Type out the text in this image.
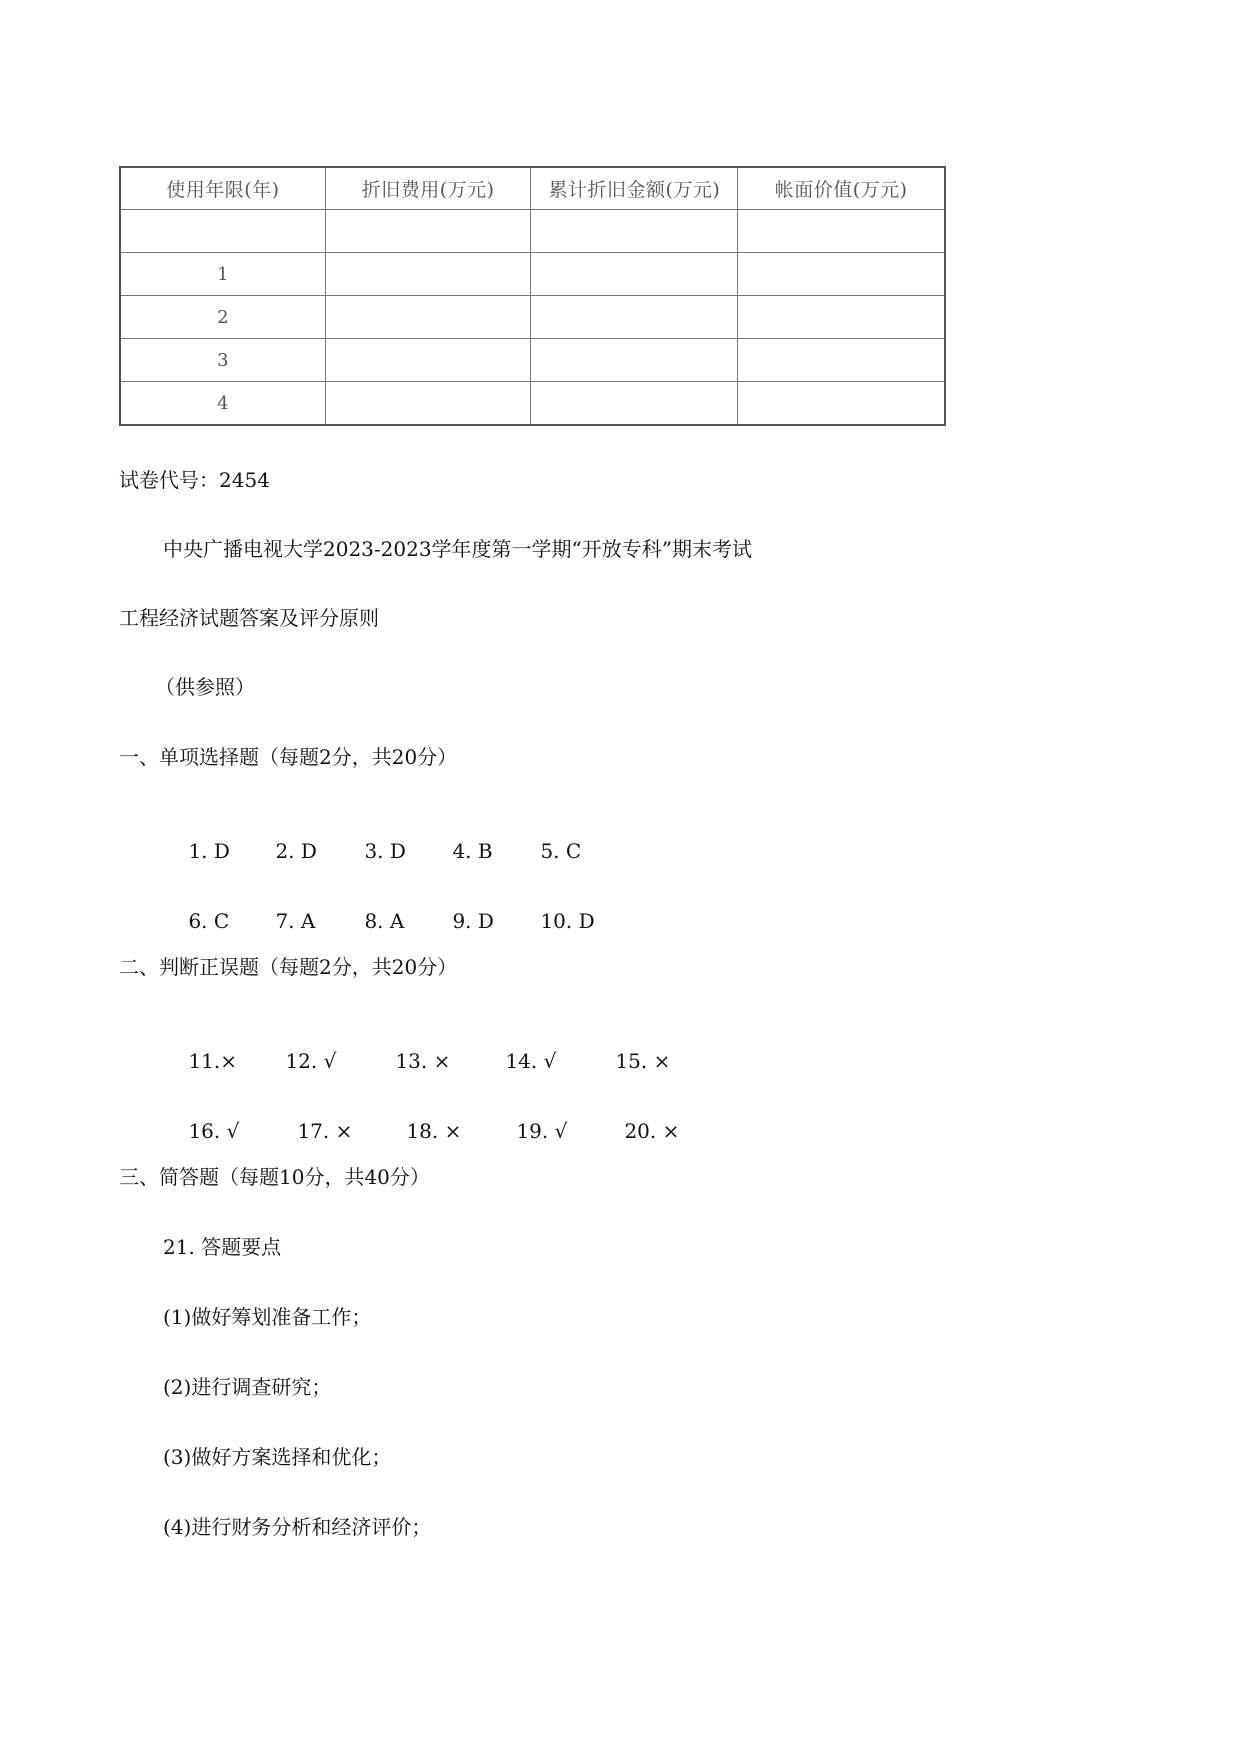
使用年限(年)	折旧费用(万元)	累计折旧金额(万元)	帐面价值(万元)

1			
2			
3			
4			
试卷代号：2454
中央广播电视大学2023-2023学年度第一学期“开放专科”期末考试
工程经济试题答案及评分原则
（供参照）
一、单项选择题（每题2分，共20分）

1. D 2. D 3. D 4. B 5. C

6. C 7. A 8. A 9. D 10. D

二、判断正误题（每题2分，共20分）

11.× 12. √	13. ×	14. √	15. ×

16. √	17. ×	18. ×	19. √	20. ×

三、简答题（每题10分，共40分）
21. 答题要点
(1)做好筹划准备工作；
(2)进行调查研究；
(3)做好方案选择和优化；
(4)进行财务分析和经济评价；
